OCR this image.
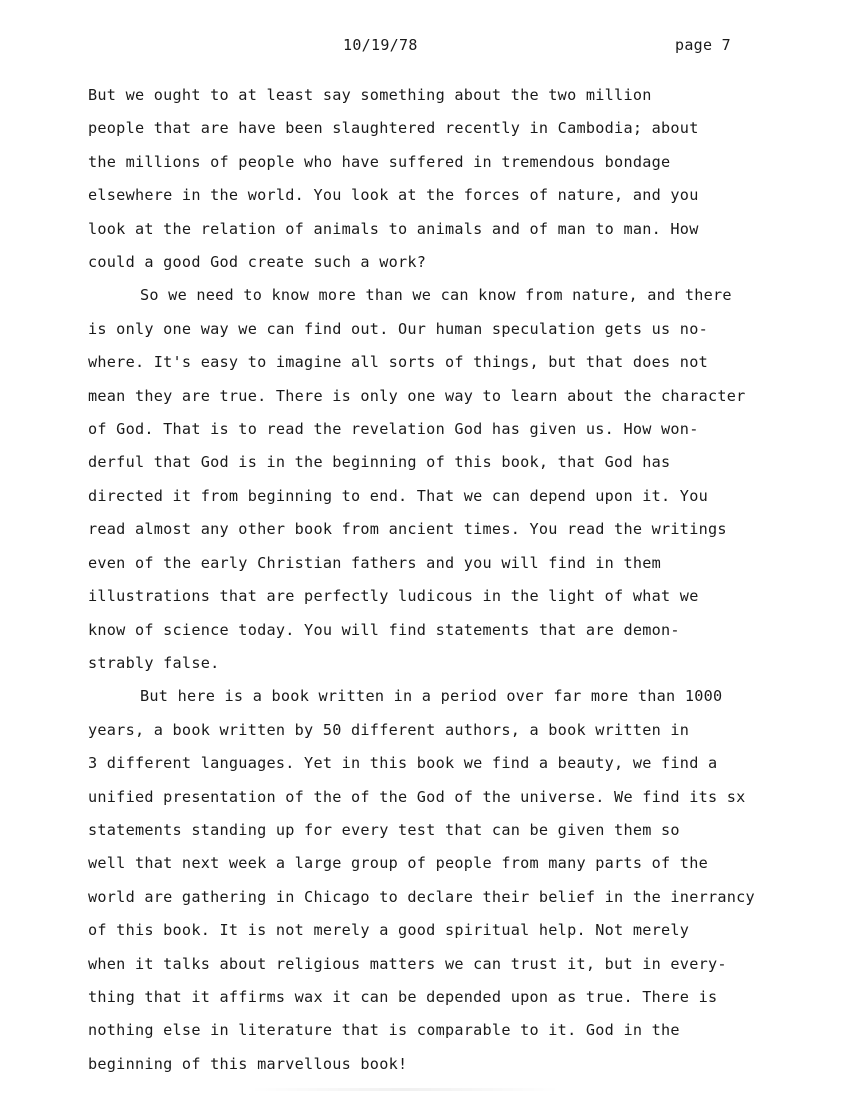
10/19/78	page 7
But we ought to at least say something about the two million
people that are have been slaughtered recently in Cambodia; about
the millions of people who have suffered in tremendous bondage
elsewhere in the world. You look at the forces of nature, and you
look at the relation of animals to animals and of man to man. How
could a good God create such a work?
So we need to know more than we can know from nature, and there
is only one way we can find out. Our human speculation gets us no-
where. It's easy to imagine all sorts of things, but that does not
mean they are true. There is only one way to learn about the character
of God. That is to read the revelation God has given us. How won-
derful that God is in the beginning of this book, that God has
directed it from beginning to end. That we can depend upon it. You
read almost any other book from ancient times. You read the writings
even of the early Christian fathers and you will find in them
illustrations that are perfectly ludicous in the light of what we
know of science today. You will find statements that are demon-
strably false.
But here is a book written in a period over far more than 1000
years, a book written by 50 different authors, a book written in
3 different languages. Yet in this book we find a beauty, we find a
unified presentation of the of the God of the universe. We find its sx
statements standing up for every test that can be given them so
well that next week a large group of people from many parts of the
world are gathering in Chicago to declare their belief in the inerrancy
of this book. It is not merely a good spiritual help. Not merely
when it talks about religious matters we can trust it, but in every-
thing that it affirms wax it can be depended upon as true. There is
nothing else in literature that is comparable to it. God in the
beginning of this marvellous book!
